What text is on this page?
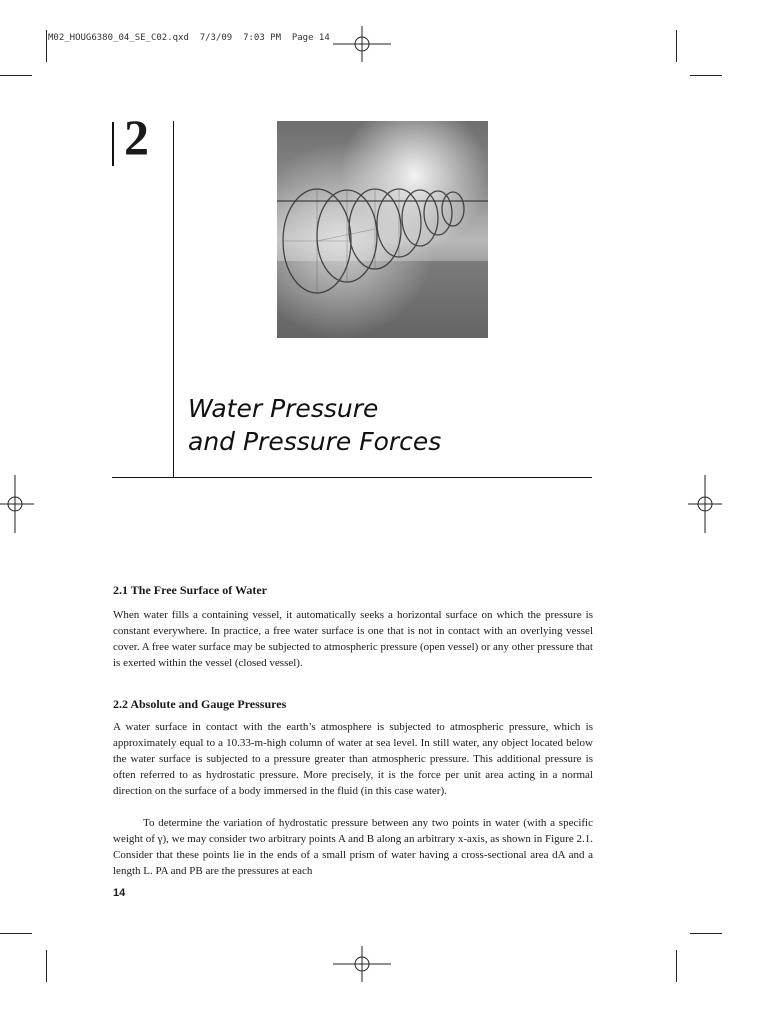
M02_HOUG6380_04_SE_C02.qxd  7/3/09  7:03 PM  Page 14
2
Water Pressure
and Pressure Forces
2.1 The Free Surface of Water

When water fills a containing vessel, it automatically seeks a horizontal surface on which the pressure is constant everywhere. In practice, a free water surface is one that is not in contact with an overlying vessel cover. A free water surface may be subjected to atmospheric pressure (open vessel) or any other pressure that is exerted within the vessel (closed vessel).

2.2 Absolute and Gauge Pressures

A water surface in contact with the earth’s atmosphere is subjected to atmospheric pressure, which is approximately equal to a 10.33-m-high column of water at sea level. In still water, any object located below the water surface is subjected to a pressure greater than atmospheric pressure. This additional pressure is often referred to as hydrostatic pressure. More precisely, it is the force per unit area acting in a normal direction on the surface of a body immersed in the fluid (in this case water).

To determine the variation of hydrostatic pressure between any two points in water (with a specific weight of γ), we may consider two arbitrary points A and B along an arbitrary x-axis, as shown in Figure 2.1. Consider that these points lie in the ends of a small prism of water having a cross-sectional area dA and a length L. PA and PB are the pressures at each

14
